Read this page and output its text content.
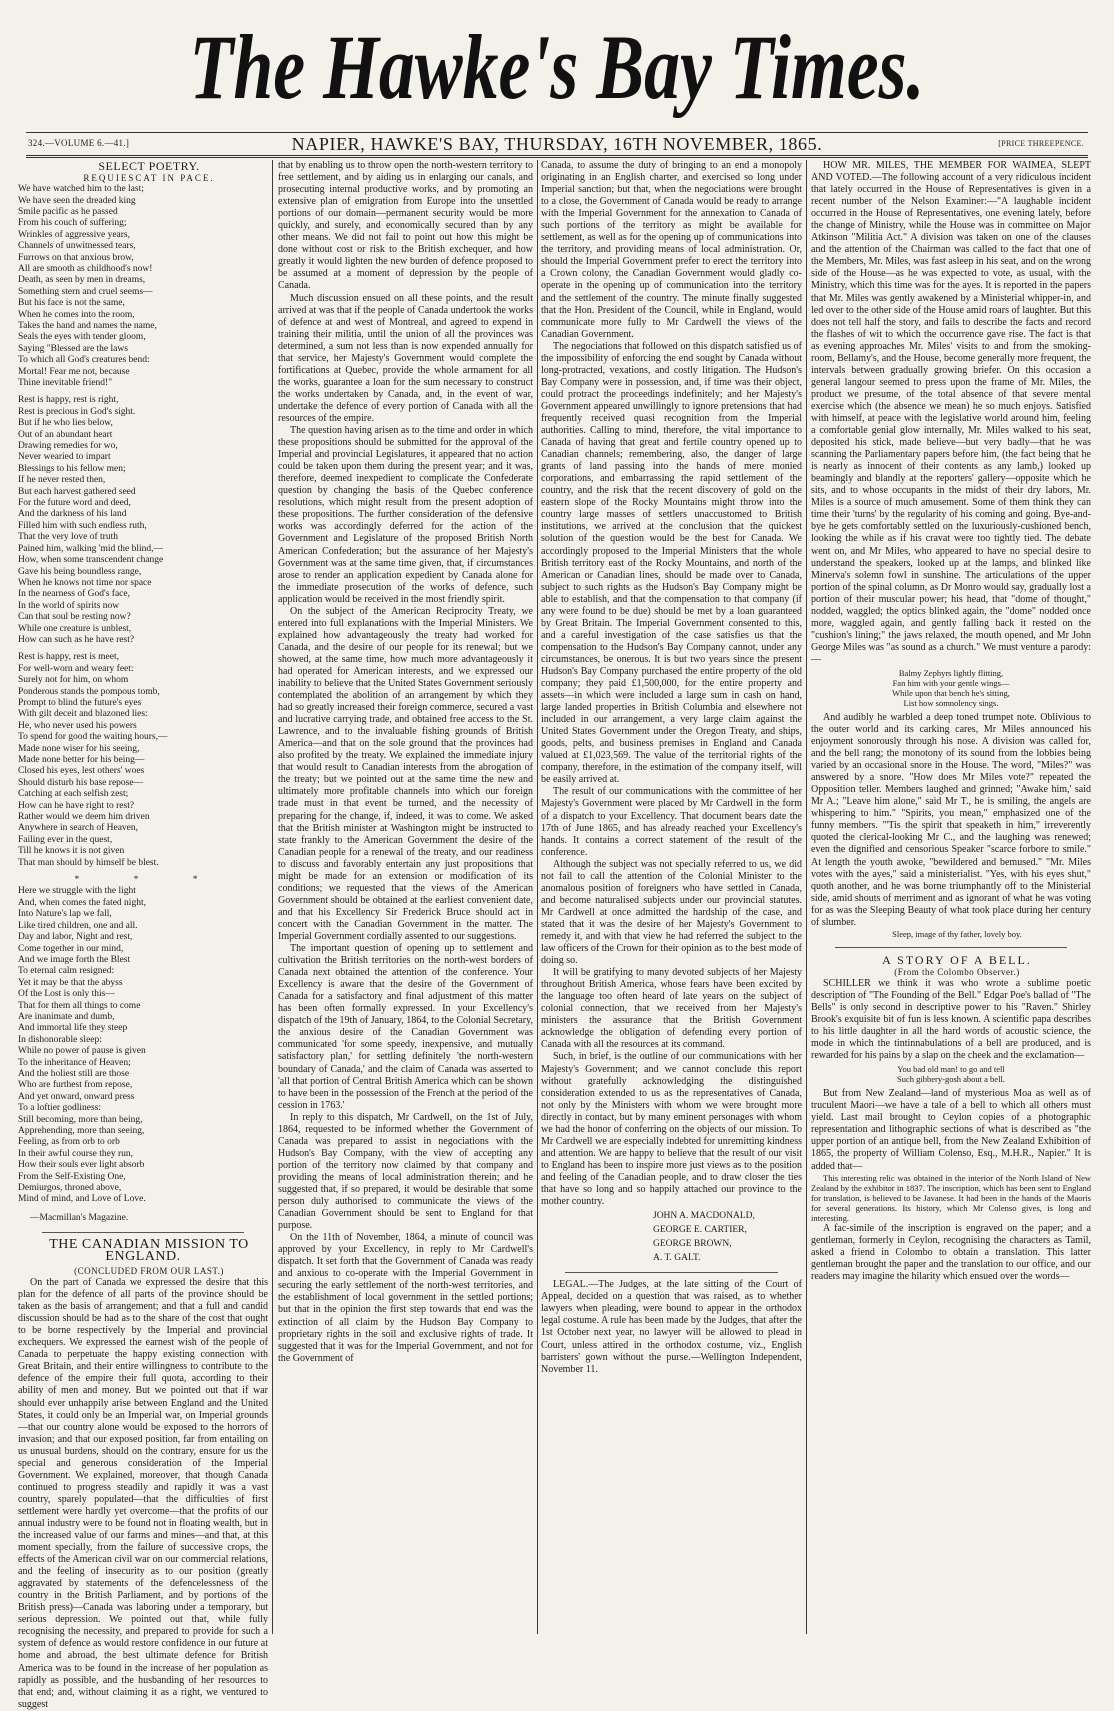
The Hawke's Bay Times.
324.—VOLUME 6.—41.]	NAPIER, HAWKE'S BAY, THURSDAY, 16TH NOVEMBER, 1865.	[PRICE THREEPENCE.

SELECT POETRY.

REQUIESCAT IN PACE.

We have watched him to the last;
We have seen the dreaded king
Smile pacific as he passed
From his couch of suffering;
Wrinkles of aggressive years,
Channels of unwitnessed tears,
Furrows on that anxious brow,
All are smooth as childhood's now!
Death, as seen by men in dreams,
Something stern and cruel seems—
But his face is not the same,
When he comes into the room,
Takes the hand and names the name,
Seals the eyes with tender gloom,
Saying "Blessed are the laws
To which all God's creatures bend:
Mortal! Fear me not, because
Thine inevitable friend!"
Rest is happy, rest is right,
Rest is precious in God's sight.
But if he who lies below,
Out of an abundant heart
Drawing remedies for wo,
Never wearied to impart
Blessings to his fellow men;
If he never rested then,
But each harvest gathered seed
For the future word and deed,
And the darkness of his land
Filled him with such endless ruth,
That the very love of truth
Pained him, walking 'mid the blind,—
How, when some transcendent change
Gave his being boundless range,
When he knows not time nor space
In the nearness of God's face,
In the world of spirits now
Can that soul be resting now?
While one creature is unblest,
How can such as he have rest?
Rest is happy, rest is meet,
For well-worn and weary feet:
Surely not for him, on whom
Ponderous stands the pompous tomb,
Prompt to blind the future's eyes
With gilt deceit and blazoned lies:
He, who never used his powers
To spend for good the waiting hours,—
Made none wiser for his seeing,
Made none better for his being—
Closed his eyes, lest others' woes
Should disturb his base repose—
Catching at each selfish zest;
How can he have right to rest?
Rather would we deem him driven
Anywhere in search of Heaven,
Failing ever in the quest,
Till he knows it is not given
That man should by himself be blest.

* * *

Here we struggle with the light
And, when comes the fated night,
Into Nature's lap we fall,
Like tired children, one and all.
Day and labor, Night and rest,
Come together in our mind,
And we image forth the Blest
To eternal calm resigned:
Yet it may be that the abyss
Of the Lost is only this—
That for them all things to come
Are inanimate and dumb,
And immortal life they steep
In dishonorable sleep:
While no power of pause is given
To the inheritance of Heaven;
And the holiest still are those
Who are furthest from repose,
And yet onward, onward press
To a loftier godliness:
Still becoming, more than being,
Apprehending, more than seeing,
Feeling, as from orb to orb
In their awful course they run,
How their souls ever light absorb
From the Self-Existing One,
Demiurgos, throned above,
Mind of mind, and Love of Love.

—Macmillan's Magazine.

THE CANADIAN MISSION TO ENGLAND.

(CONCLUDED FROM OUR LAST.)

On the part of Canada we expressed the desire that this plan for the defence of all parts of the province should be taken as the basis of arrangement; and that a full and candid discussion should be had as to the share of the cost that ought to be borne respectively by the Imperial and provincial exchequers. We expressed the earnest wish of the people of Canada to perpetuate the happy existing connection with Great Britain, and their entire willingness to contribute to the defence of the empire their full quota, according to their ability of men and money. But we pointed out that if war should ever unhappily arise between England and the United States, it could only be an Imperial war, on Imperial grounds—that our country alone would be exposed to the horrors of invasion; and that our exposed position, far from entailing on us unusual burdens, should on the contrary, ensure for us the special and generous consideration of the Imperial Government. We explained, moreover, that though Canada continued to progress steadily and rapidly it was a vast country, sparely populated—that the difficulties of first settlement were hardly yet overcome—that the profits of our annual industry were to be found not in floating wealth, but in the increased value of our farms and mines—and that, at this moment specially, from the failure of successive crops, the effects of the American civil war on our commercial relations, and the feeling of insecurity as to our position (greatly aggravated by statements of the defencelessness of the country in the British Parliament, and by portions of the British press)—Canada was laboring under a temporary, but serious depression. We pointed out that, while fully recognising the necessity, and prepared to provide for such a system of defence as would restore confidence in our future at home and abroad, the best ultimate defence for British America was to be found in the increase of her population as rapidly as possible, and the husbanding of her resources to that end; and, without claiming it as a right, we ventured to suggest

that by enabling us to throw open the north-western territory to free settlement, and by aiding us in enlarging our canals, and prosecuting internal productive works, and by promoting an extensive plan of emigration from Europe into the unsettled portions of our domain—permanent security would be more quickly, and surely, and economically secured than by any other means. We did not fail to point out how this might be done without cost or risk to the British exchequer, and how greatly it would lighten the new burden of defence proposed to be assumed at a moment of depression by the people of Canada.

Much discussion ensued on all these points, and the result arrived at was that if the people of Canada undertook the works of defence at and west of Montreal, and agreed to expend in training their militia, until the union of all the provinces was determined, a sum not less than is now expended annually for that service, her Majesty's Government would complete the fortifications at Quebec, provide the whole armament for all the works, guarantee a loan for the sum necessary to construct the works undertaken by Canada, and, in the event of war, undertake the defence of every portion of Canada with all the resources of the empire.

The question having arisen as to the time and order in which these propositions should be submitted for the approval of the Imperial and provincial Legislatures, it appeared that no action could be taken upon them during the present year; and it was, therefore, deemed inexpedient to complicate the Confederate question by changing the basis of the Quebec conference resolutions, which might result from the present adoption of these propositions. The further consideration of the defensive works was accordingly deferred for the action of the Government and Legislature of the proposed British North American Confederation; but the assurance of her Majesty's Government was at the same time given, that, if circumstances arose to render an application expedient by Canada alone for the immediate prosecution of the works of defence, such application would be received in the most friendly spirit.

On the subject of the American Reciprocity Treaty, we entered into full explanations with the Imperial Ministers. We explained how advantageously the treaty had worked for Canada, and the desire of our people for its renewal; but we showed, at the same time, how much more advantageously it had operated for American interests, and we expressed our inability to believe that the United States Government seriously contemplated the abolition of an arrangement by which they had so greatly increased their foreign commerce, secured a vast and lucrative carrying trade, and obtained free access to the St. Lawrence, and to the invaluable fishing grounds of British America—and that on the sole ground that the provinces had also profited by the treaty. We explained the immediate injury that would result to Canadian interests from the abrogation of the treaty; but we pointed out at the same time the new and ultimately more profitable channels into which our foreign trade must in that event be turned, and the necessity of preparing for the change, if, indeed, it was to come. We asked that the British minister at Washington might be instructed to state frankly to the American Government the desire of the Canadian people for a renewal of the treaty, and our readiness to discuss and favorably entertain any just propositions that might be made for an extension or modification of its conditions; we requested that the views of the American Government should be obtained at the earliest convenient date, and that his Excellency Sir Frederick Bruce should act in concert with the Canadian Government in the matter. The Imperial Government cordially assented to our suggestions.

The important question of opening up to settlement and cultivation the British territories on the north-west borders of Canada next obtained the attention of the conference. Your Excellency is aware that the desire of the Government of Canada for a satisfactory and final adjustment of this matter has been often formally expressed. In your Excellency's dispatch of the 19th of January, 1864, to the Colonial Secretary, the anxious desire of the Canadian Government was communicated 'for some speedy, inexpensive, and mutually satisfactory plan,' for settling definitely 'the north-western boundary of Canada,' and the claim of Canada was asserted to 'all that portion of Central British America which can be shown to have been in the possession of the French at the period of the cession in 1763.'

In reply to this dispatch, Mr Cardwell, on the 1st of July, 1864, requested to be informed whether the Government of Canada was prepared to assist in negociations with the Hudson's Bay Company, with the view of accepting any portion of the territory now claimed by that company and providing the means of local administration therein; and he suggested that, if so prepared, it would be desirable that some person duly authorised to communicate the views of the Canadian Government should be sent to England for that purpose.

On the 11th of November, 1864, a minute of council was approved by your Excellency, in reply to Mr Cardwell's dispatch. It set forth that the Government of Canada was ready and anxious to co-operate with the Imperial Government in securing the early settlement of the north-west territories, and the establishment of local government in the settled portions; but that in the opinion the first step towards that end was the extinction of all claim by the Hudson Bay Company to proprietary rights in the soil and exclusive rights of trade. It suggested that it was for the Imperial Government, and not for the Government of

Canada, to assume the duty of bringing to an end a monopoly originating in an English charter, and exercised so long under Imperial sanction; but that, when the negociations were brought to a close, the Government of Canada would be ready to arrange with the Imperial Government for the annexation to Canada of such portions of the territory as might be available for settlement, as well as for the opening up of communications into the territory, and providing means of local administration. Or, should the Imperial Government prefer to erect the territory into a Crown colony, the Canadian Government would gladly co-operate in the opening up of communication into the territory and the settlement of the country. The minute finally suggested that the Hon. President of the Council, while in England, would communicate more fully to Mr Cardwell the views of the Canadian Government.

The negociations that followed on this dispatch satisfied us of the impossibility of enforcing the end sought by Canada without long-protracted, vexations, and costly litigation. The Hudson's Bay Company were in possession, and, if time was their object, could protract the proceedings indefinitely; and her Majesty's Government appeared unwillingly to ignore pretensions that had frequently received quasi recognition from the Imperial authorities. Calling to mind, therefore, the vital importance to Canada of having that great and fertile country opened up to Canadian channels; remembering, also, the danger of large grants of land passing into the hands of mere monied corporations, and embarrassing the rapid settlement of the country, and the risk that the recent discovery of gold on the eastern slope of the Rocky Mountains might throw into the country large masses of settlers unaccustomed to British institutions, we arrived at the conclusion that the quickest solution of the question would be the best for Canada. We accordingly proposed to the Imperial Ministers that the whole British territory east of the Rocky Mountains, and north of the American or Canadian lines, should be made over to Canada, subject to such rights as the Hudson's Bay Company might be able to establish, and that the compensation to that company (if any were found to be due) should be met by a loan guaranteed by Great Britain. The Imperial Government consented to this, and a careful investigation of the case satisfies us that the compensation to the Hudson's Bay Company cannot, under any circumstances, be onerous. It is but two years since the present Hudson's Bay Company purchased the entire property of the old company; they paid £1,500,000, for the entire property and assets—in which were included a large sum in cash on hand, large landed properties in British Columbia and elsewhere not included in our arrangement, a very large claim against the United States Government under the Oregon Treaty, and ships, goods, pelts, and business premises in England and Canada valued at £1,023,569. The value of the territorial rights of the company, therefore, in the estimation of the company itself, will be easily arrived at.

The result of our communications with the committee of her Majesty's Government were placed by Mr Cardwell in the form of a dispatch to your Excellency. That document bears date the 17th of June 1865, and has already reached your Excellency's hands. It contains a correct statement of the result of the conference.

Although the subject was not specially referred to us, we did not fail to call the attention of the Colonial Minister to the anomalous position of foreigners who have settled in Canada, and become naturalised subjects under our provincial statutes. Mr Cardwell at once admitted the hardship of the case, and stated that it was the desire of her Majesty's Government to remedy it, and with that view he had referred the subject to the law officers of the Crown for their opinion as to the best mode of doing so.

It will be gratifying to many devoted subjects of her Majesty throughout British America, whose fears have been excited by the language too often heard of late years on the subject of colonial connection, that we received from her Majesty's ministers the assurance that the British Government acknowledge the obligation of defending every portion of Canada with all the resources at its command.

Such, in brief, is the outline of our communications with her Majesty's Government; and we cannot conclude this report without gratefully acknowledging the distinguished consideration extended to us as the representatives of Canada, not only by the Ministers with whom we were brought more directly in contact, but by many eminent personages with whom we had the honor of conferring on the objects of our mission. To Mr Cardwell we are especially indebted for unremitting kindness and attention. We are happy to believe that the result of our visit to England has been to inspire more just views as to the position and feeling of the Canadian people, and to draw closer the ties that have so long and so happily attached our province to the mother country.

JOHN A. MACDONALD,
GEORGE E. CARTIER,
GEORGE BROWN,
A. T. GALT.

LEGAL.—The Judges, at the late sitting of the Court of Appeal, decided on a question that was raised, as to whether lawyers when pleading, were bound to appear in the orthodox legal costume. A rule has been made by the Judges, that after the 1st October next year, no lawyer will be allowed to plead in Court, unless attired in the orthodox costume, viz., English barristers' gown without the purse.—Wellington Independent, November 11.

HOW MR. MILES, THE MEMBER FOR WAIMEA, SLEPT AND VOTED.—The following account of a very ridiculous incident that lately occurred in the House of Representatives is given in a recent number of the Nelson Examiner:—"A laughable incident occurred in the House of Representatives, one evening lately, before the change of Ministry, while the House was in committee on Major Atkinson "Militia Act." A division was taken on one of the clauses and the attention of the Chairman was called to the fact that one of the Members, Mr. Miles, was fast asleep in his seat, and on the wrong side of the House—as he was expected to vote, as usual, with the Ministry, which this time was for the ayes. It is reported in the papers that Mr. Miles was gently awakened by a Ministerial whipper-in, and led over to the other side of the House amid roars of laughter. But this does not tell half the story, and fails to describe the facts and record the flashes of wit to which the occurrence gave rise. The fact is that as evening approaches Mr. Miles' visits to and from the smoking-room, Bellamy's, and the House, become generally more frequent, the intervals between gradually growing briefer. On this occasion a general langour seemed to press upon the frame of Mr. Miles, the product we presume, of the total absence of that severe mental exercise which (the absence we mean) he so much enjoys. Satisfied with himself, at peace with the legislative world around him, feeling a comfortable genial glow internally, Mr. Miles walked to his seat, deposited his stick, made believe—but very badly—that he was scanning the Parliamentary papers before him, (the fact being that he is nearly as innocent of their contents as any lamb,) looked up beamingly and blandly at the reporters' gallery—opposite which he sits, and to whose occupants in the midst of their dry labors, Mr. Miles is a source of much amusement. Some of them think they can time their 'turns' by the regularity of his coming and going. Bye-and-bye he gets comfortably settled on the luxuriously-cushioned bench, looking the while as if his cravat were too tightly tied. The debate went on, and Mr Miles, who appeared to have no special desire to understand the speakers, looked up at the lamps, and blinked like Minerva's solemn fowl in sunshine. The articulations of the upper portion of the spinal column, as Dr Monro would say, gradually lost a portion of their muscular power; his head, that "dome of thought," nodded, waggled; the optics blinked again, the "dome" nodded once more, waggled again, and gently falling back it rested on the "cushion's lining;" the jaws relaxed, the mouth opened, and Mr John George Miles was "as sound as a church." We must venture a parody:—

Balmy Zephyrs lightly flitting,
Fan him with your gentle wings—
While upon that bench he's sitting,
List how somnolency sings.

And audibly he warbled a deep toned trumpet note. Oblivious to the outer world and its carking cares, Mr Miles announced his enjoyment sonorously through his nose. A division was called for, and the bell rang; the monotony of its sound from the lobbies being varied by an occasional snore in the House. The word, "Miles?" was answered by a snore. "How does Mr Miles vote?" repeated the Opposition teller. Members laughed and grinned; "Awake him,' said Mr A.; "Leave him alone," said Mr T., he is smiling, the angels are whispering to him." "Spirits, you mean," emphasized one of the funny members. "'Tis the spirit that speaketh in him," irreverently quoted the clerical-looking Mr C., and the laughing was renewed; even the dignified and censorious Speaker "scarce forbore to smile." At length the youth awoke, "bewildered and bemused." "Mr. Miles votes with the ayes," said a ministerialist. "Yes, with his eyes shut," quoth another, and he was borne triumphantly off to the Ministerial side, amid shouts of merriment and as ignorant of what he was voting for as was the Sleeping Beauty of what took place during her century of slumber.

Sleep, image of thy father, lovely boy.

A STORY OF A BELL.

(From the Colombo Observer.)

SCHILLER we think it was who wrote a sublime poetic description of "The Founding of the Bell." Edgar Poe's ballad of "The Bells" is only second in descriptive power to his "Raven." Shirley Brook's exquisite bit of fun is less known. A scientific papa describes to his little daughter in all the hard words of acoustic science, the mode in which the tintinnabulations of a bell are produced, and is rewarded for his pains by a slap on the cheek and the exclamation—

You bad old man! to go and tell
Such gibbery-gosh about a bell.

But from New Zealand—land of mysterious Moa as well as of truculent Maori—we have a tale of a bell to which all others must yield. Last mail brought to Ceylon copies of a photographic representation and lithographic sections of what is described as "the upper portion of an antique bell, from the New Zealand Exhibition of 1865, the property of William Colenso, Esq., M.H.R., Napier." It is added that—

This interesting relic was obtained in the interior of the North Island of New Zealand by the exhibitor in 1837. The inscription, which has been sent to England for translation, is believed to be Javanese. It had been in the hands of the Maoris for several generations. Its history, which Mr Colenso gives, is long and interesting.

A fac-simile of the inscription is engraved on the paper; and a gentleman, formerly in Ceylon, recognising the characters as Tamil, asked a friend in Colombo to obtain a translation. This latter gentleman brought the paper and the translation to our office, and our readers may imagine the hilarity which ensued over the words—
